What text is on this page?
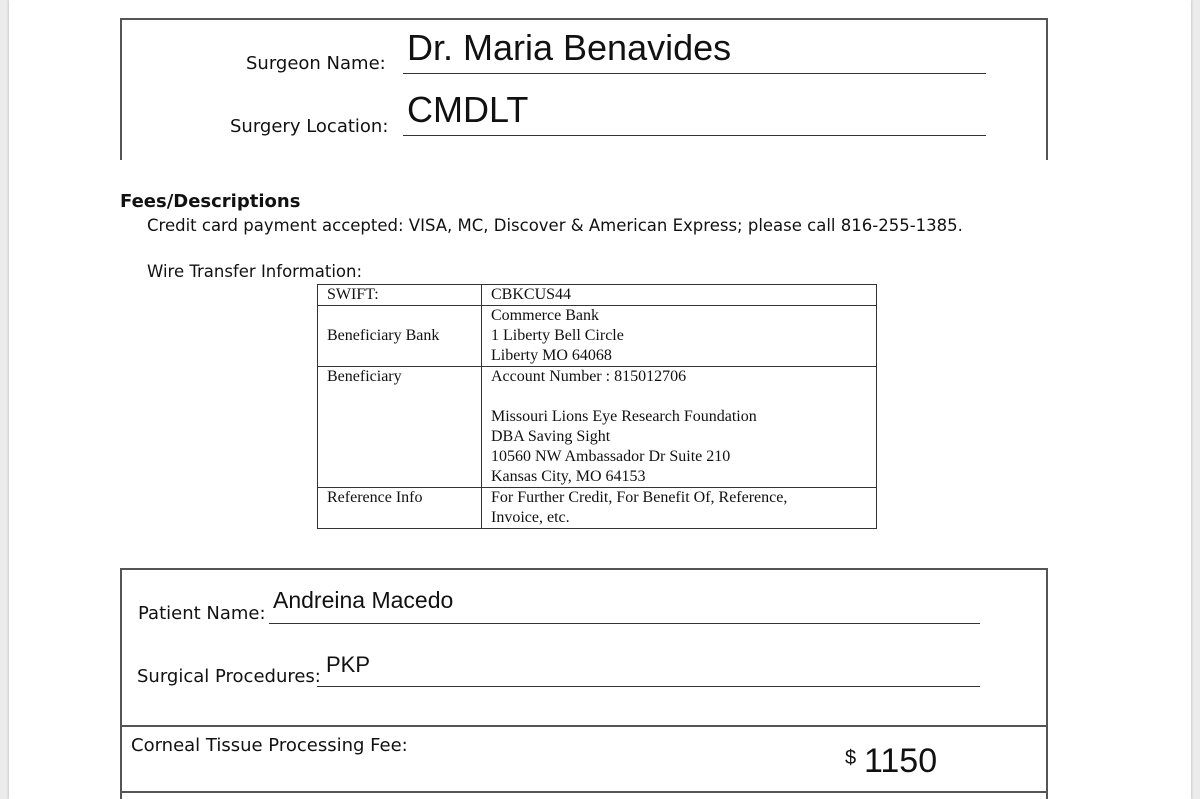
Surgeon Name: Dr. Maria Benavides
Surgery Location: CMDLT
Fees/Descriptions
Credit card payment accepted: VISA, MC, Discover & American Express; please call 816-255-1385.
Wire Transfer Information:
SWIFT:	CBKCUS44
Beneficiary Bank	Commerce Bank
1 Liberty Bell Circle
Liberty MO 64068

Beneficiary	Account Number : 815012706
Missouri Lions Eye Research Foundation
DBA Saving Sight
10560 NW Ambassador Dr Suite 210
Kansas City, MO 64153

Reference Info	For Further Credit, For Benefit Of, Reference,
Invoice, etc.
Patient Name:
Andreina Macedo
Surgical Procedures: PKP
Corneal Tissue Processing Fee:
$ 1150
